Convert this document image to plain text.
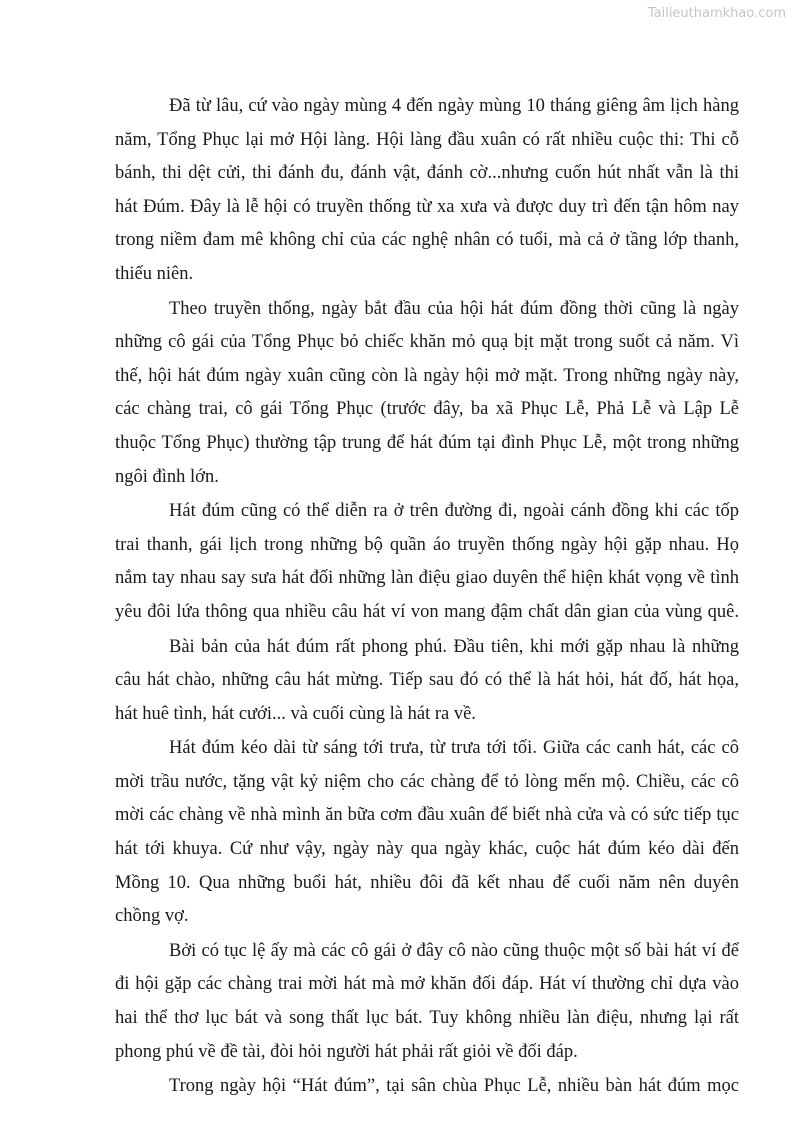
Tailieuthamkhao.com
Đã từ lâu, cứ vào ngày mùng 4 đến ngày mùng 10 tháng giêng âm lịch hàng
năm, Tổng Phục lại mở Hội làng. Hội làng đầu xuân có rất nhiều cuộc thi: Thi cỗ
bánh, thi dệt cửi, thi đánh đu, đánh vật, đánh cờ...nhưng cuốn hút nhất vẫn là thi
hát Đúm. Đây là lễ hội có truyền thống từ xa xưa và được duy trì đến tận hôm nay
trong niềm đam mê không chỉ của các nghệ nhân có tuổi, mà cả ở tầng lớp thanh,
thiếu niên.
Theo truyền thống, ngày bắt đầu của hội hát đúm đồng thời cũng là ngày
những cô gái của Tổng Phục bỏ chiếc khăn mỏ quạ bịt mặt trong suốt cả năm. Vì
thế, hội hát đúm ngày xuân cũng còn là ngày hội mở mặt. Trong những ngày này,
các chàng trai, cô gái Tổng Phục (trước đây, ba xã Phục Lễ, Phả Lễ và Lập Lễ
thuộc Tổng Phục) thường tập trung để hát đúm tại đình Phục Lễ, một trong những
ngôi đình lớn.
Hát đúm cũng có thể diễn ra ở trên đường đi, ngoài cánh đồng khi các tốp
trai thanh, gái lịch trong những bộ quần áo truyền thống ngày hội gặp nhau. Họ
nắm tay nhau say sưa hát đối những làn điệu giao duyên thể hiện khát vọng về tình
yêu đôi lứa thông qua nhiều câu hát ví von mang đậm chất dân gian của vùng quê.
Bài bản của hát đúm rất phong phú. Đầu tiên, khi mới gặp nhau là những
câu hát chào, những câu hát mừng. Tiếp sau đó có thể là hát hỏi, hát đố, hát họa,
hát huê tình, hát cưới... và cuối cùng là hát ra về.
Hát đúm kéo dài từ sáng tới trưa, từ trưa tới tối. Giữa các canh hát, các cô
mời trầu nước, tặng vật kỷ niệm cho các chàng để tỏ lòng mến mộ. Chiều, các cô
mời các chàng về nhà mình ăn bữa cơm đầu xuân để biết nhà cửa và có sức tiếp tục
hát tới khuya. Cứ như vậy, ngày này qua ngày khác, cuộc hát đúm kéo dài đến
Mồng 10. Qua những buổi hát, nhiều đôi đã kết nhau để cuối năm nên duyên
chồng vợ.
Bởi có tục lệ ấy mà các cô gái ở đây cô nào cũng thuộc một số bài hát ví để
đi hội gặp các chàng trai mời hát mà mở khăn đối đáp. Hát ví thường chỉ dựa vào
hai thể thơ lục bát và song thất lục bát. Tuy không nhiều làn điệu, nhưng lại rất
phong phú về đề tài, đòi hỏi người hát phải rất giỏi về đối đáp.
Trong ngày hội “Hát đúm”, tại sân chùa Phục Lễ, nhiều bàn hát đúm mọc
